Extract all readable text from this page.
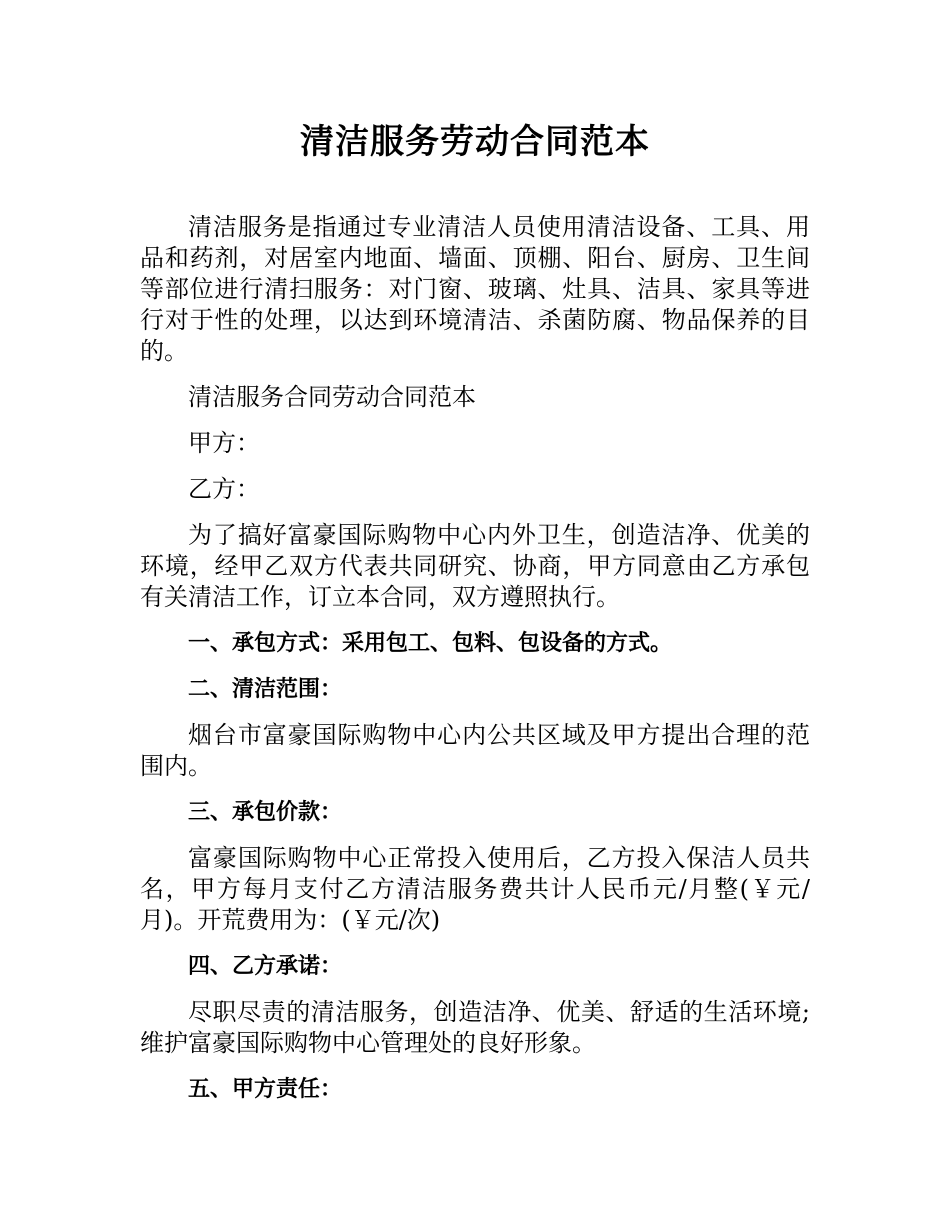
清洁服务劳动合同范本

清洁服务是指通过专业清洁人员使用清洁设备、工具、用品和药剂，对居室内地面、墙面、顶棚、阳台、厨房、卫生间等部位进行清扫服务：对门窗、玻璃、灶具、洁具、家具等进行对于性的处理，以达到环境清洁、杀菌防腐、物品保养的目的。

清洁服务合同劳动合同范本

甲方：

乙方：

为了搞好富豪国际购物中心内外卫生，创造洁净、优美的环境，经甲乙双方代表共同研究、协商，甲方同意由乙方承包有关清洁工作，订立本合同，双方遵照执行。

一、承包方式：采用包工、包料、包设备的方式。

二、清洁范围：

烟台市富豪国际购物中心内公共区域及甲方提出合理的范围内。

三、承包价款：

富豪国际购物中心正常投入使用后，乙方投入保洁人员共名，甲方每月支付乙方清洁服务费共计人民币元/月整(￥元/月)。开荒费用为：(￥元/次)

四、乙方承诺：

尽职尽责的清洁服务，创造洁净、优美、舒适的生活环境;维护富豪国际购物中心管理处的良好形象。

五、甲方责任：
